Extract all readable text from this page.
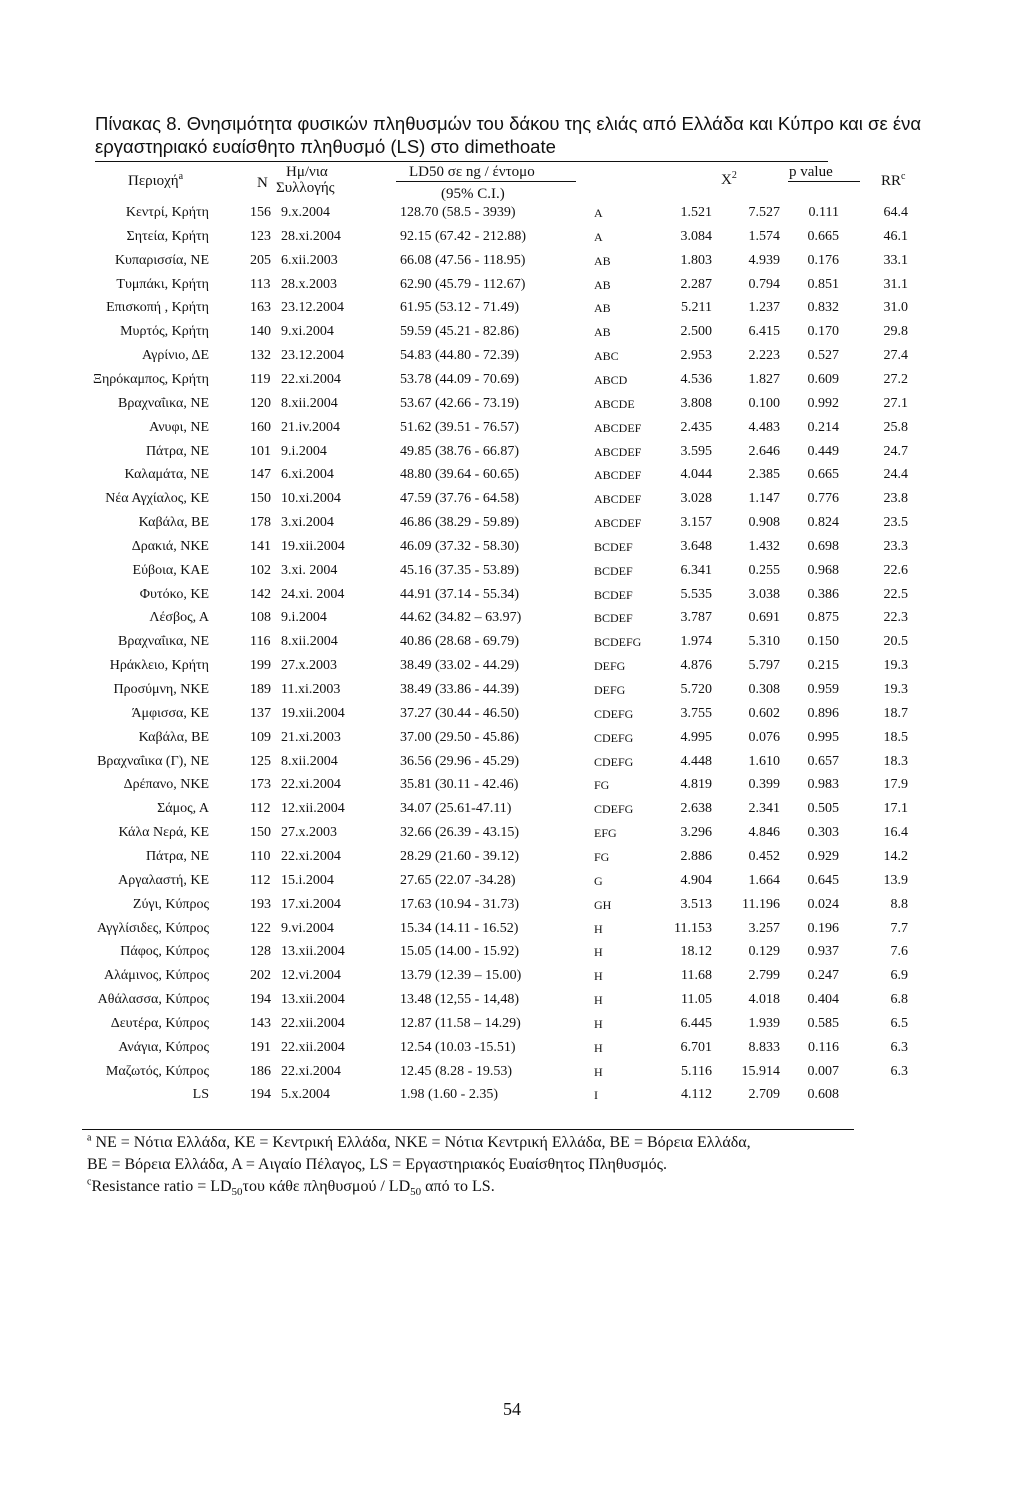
Πίνακας 8. Θνησιμότητα φυσικών πληθυσμών του δάκου της ελιάς από Ελλάδα και Κύπρο και σε ένα εργαστηριακό ευαίσθητο πληθυσμό (LS) στο dimethoate
Περιοχή$^a$	N
Ημ/νια
Συλλογής
LD50 σε ng / έντομο
(95% C.I.)
$X^2$	p value
$RR^c$
Κεντρί, Κρήτη	156 9.x.2004	128.70 (58.5 - 3939)	A	1.521	7.527 0.111	64.4
Σητεία, Κρήτη	123 28.xi.2004	92.15 (67.42 - 212.88)	A	3.084	1.574 0.665	46.1
Κυπαρισσία, ΝΕ	205 6.xii.2003	66.08 (47.56 - 118.95)	AB	1.803	4.939 0.176	33.1
Τυμπάκι, Κρήτη	113 28.x.2003	62.90 (45.79 - 112.67)	AB	2.287	0.794 0.851	31.1
Επισκοπή , Κρήτη	163 23.12.2004	61.95 (53.12 - 71.49)	AB	5.211	1.237 0.832	31.0
Μυρτός, Κρήτη	140 9.xi.2004	59.59 (45.21 - 82.86)	AB	2.500	6.415 0.170	29.8
Αγρίνιο, ΔΕ	132 23.12.2004	54.83 (44.80 - 72.39)	ABC	2.953	2.223 0.527	27.4
Ξηρόκαμπος, Κρήτη	119 22.xi.2004	53.78 (44.09 - 70.69)	ABCD	4.536	1.827 0.609	27.2
Βραχναΐικα, ΝΕ	120 8.xii.2004	53.67 (42.66 - 73.19)	ABCDE	3.808	0.100 0.992	27.1
Ανυφι, ΝΕ	160 21.iv.2004	51.62 (39.51 - 76.57)	ABCDEF	2.435	4.483 0.214	25.8
Πάτρα, ΝΕ	101 9.i.2004	49.85 (38.76 - 66.87)	ABCDEF	3.595	2.646 0.449	24.7
Καλαμάτα, ΝΕ	147 6.xi.2004	48.80 (39.64 - 60.65)	ABCDEF	4.044	2.385 0.665	24.4
Νέα Αγχίαλος, ΚΕ	150 10.xi.2004	47.59 (37.76 - 64.58)	ABCDEF	3.028	1.147 0.776	23.8
Καβάλα, ΒΕ	178 3.xi.2004	46.86 (38.29 - 59.89)	ABCDEF	3.157	0.908 0.824	23.5
Δρακιά, ΝΚΕ	141 19.xii.2004	46.09 (37.32 - 58.30)	BCDEF	3.648	1.432 0.698	23.3
Εύβοια, ΚΑΕ	102 3.xi. 2004	45.16 (37.35 - 53.89)	BCDEF	6.341	0.255 0.968	22.6
Φυτόκο, ΚΕ	142 24.xi. 2004	44.91 (37.14 - 55.34)	BCDEF	5.535	3.038 0.386	22.5
Λέσβος, Α	108 9.i.2004	44.62 (34.82 – 63.97)	BCDEF	3.787	0.691 0.875	22.3
Βραχναΐικα, ΝΕ	116 8.xii.2004	40.86 (28.68 - 69.79)	BCDEFG	1.974	5.310 0.150	20.5
Ηράκλειο, Κρήτη	199 27.x.2003	38.49 (33.02 - 44.29)	DEFG	4.876	5.797 0.215	19.3
Προσύμνη, ΝΚΕ	189 11.xi.2003	38.49 (33.86 - 44.39)	DEFG	5.720	0.308 0.959	19.3
Άμφισσα, ΚΕ	137 19.xii.2004	37.27 (30.44 - 46.50)	CDEFG	3.755	0.602 0.896	18.7
Καβάλα, ΒΕ	109 21.xi.2003	37.00 (29.50 - 45.86)	CDEFG	4.995	0.076 0.995	18.5
Βραχναΐικα (Γ), ΝΕ	125 8.xii.2004	36.56 (29.96 - 45.29)	CDEFG	4.448	1.610 0.657	18.3
Δρέπανο, ΝΚΕ	173 22.xi.2004	35.81 (30.11 - 42.46)	FG	4.819	0.399 0.983	17.9
Σάμος, Α	112 12.xii.2004	34.07 (25.61-47.11)	CDEFG	2.638	2.341 0.505	17.1
Κάλα Νερά, ΚΕ	150 27.x.2003	32.66 (26.39 - 43.15)	EFG	3.296	4.846 0.303	16.4
Πάτρα, ΝΕ	110 22.xi.2004	28.29 (21.60 - 39.12)	FG	2.886	0.452 0.929	14.2
Αργαλαστή, ΚΕ	112 15.i.2004	27.65 (22.07 -34.28)	G	4.904	1.664 0.645	13.9
Ζύγι, Κύπρος	193 17.xi.2004	17.63 (10.94 - 31.73)	GH	3.513 11.196 0.024	8.8
Αγγλίσιδες, Κύπρος	122 9.vi.2004	15.34 (14.11 - 16.52)	H	11.153	3.257 0.196	7.7
Πάφος, Κύπρος	128 13.xii.2004	15.05 (14.00 - 15.92)	H	18.12	0.129 0.937	7.6
Αλάμινος, Κύπρος	202 12.vi.2004	13.79 (12.39 – 15.00)	H	11.68	2.799 0.247	6.9
Αθάλασσα, Κύπρος	194 13.xii.2004	13.48 (12,55 - 14,48)	H	11.05	4.018 0.404	6.8
Δευτέρα, Κύπρος	143 22.xii.2004	12.87 (11.58 – 14.29)	H	6.445	1.939 0.585	6.5
Ανάγια, Κύπρος	191 22.xii.2004	12.54 (10.03 -15.51)	H	6.701	8.833 0.116	6.3
Μαζωτός, Κύπρος	186 22.xi.2004	12.45 (8.28 - 19.53)	H	5.116 15.914 0.007	6.3
LS	194 5.x.2004	1.98 (1.60 - 2.35)	I	4.112	2.709 0.608
$^a$ ΝΕ = Νότια Ελλάδα, ΚΕ = Κεντρική Ελλάδα, ΝΚΕ = Νότια Κεντρική Ελλάδα, ΒΕ = Βόρεια Ελλάδα,
ΒΕ = Βόρεια Ελλάδα, Α = Αιγαίο Πέλαγος, LS = Εργαστηριακός Ευαίσθητος Πληθυσμός.
$^c$Resistance ratio = $LD_{50}\tau o\upsilon$ κάθε πληθυσμού / $LD_{50}$ από το LS.
54
